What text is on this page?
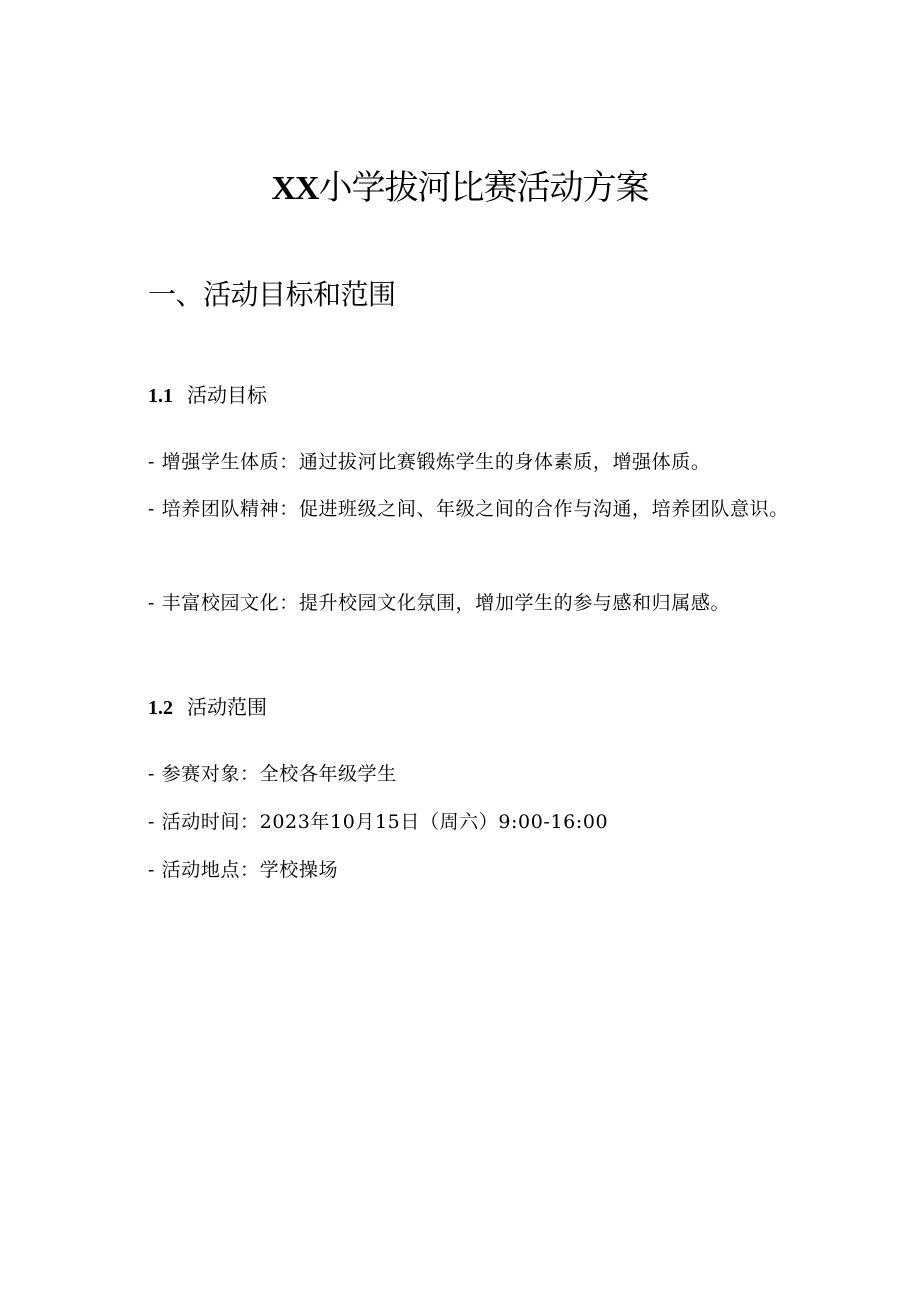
XX小学拔河比赛活动方案
一、活动目标和范围
1.1 活动目标
- 增强学生体质：通过拔河比赛锻炼学生的身体素质，增强体质。
- 培养团队精神：促进班级之间、年级之间的合作与沟通，培养团队意识。
- 丰富校园文化：提升校园文化氛围，增加学生的参与感和归属感。
1.2 活动范围
- 参赛对象：全校各年级学生
- 活动时间：2023年10月15日（周六）9:00-16:00
- 活动地点：学校操场
